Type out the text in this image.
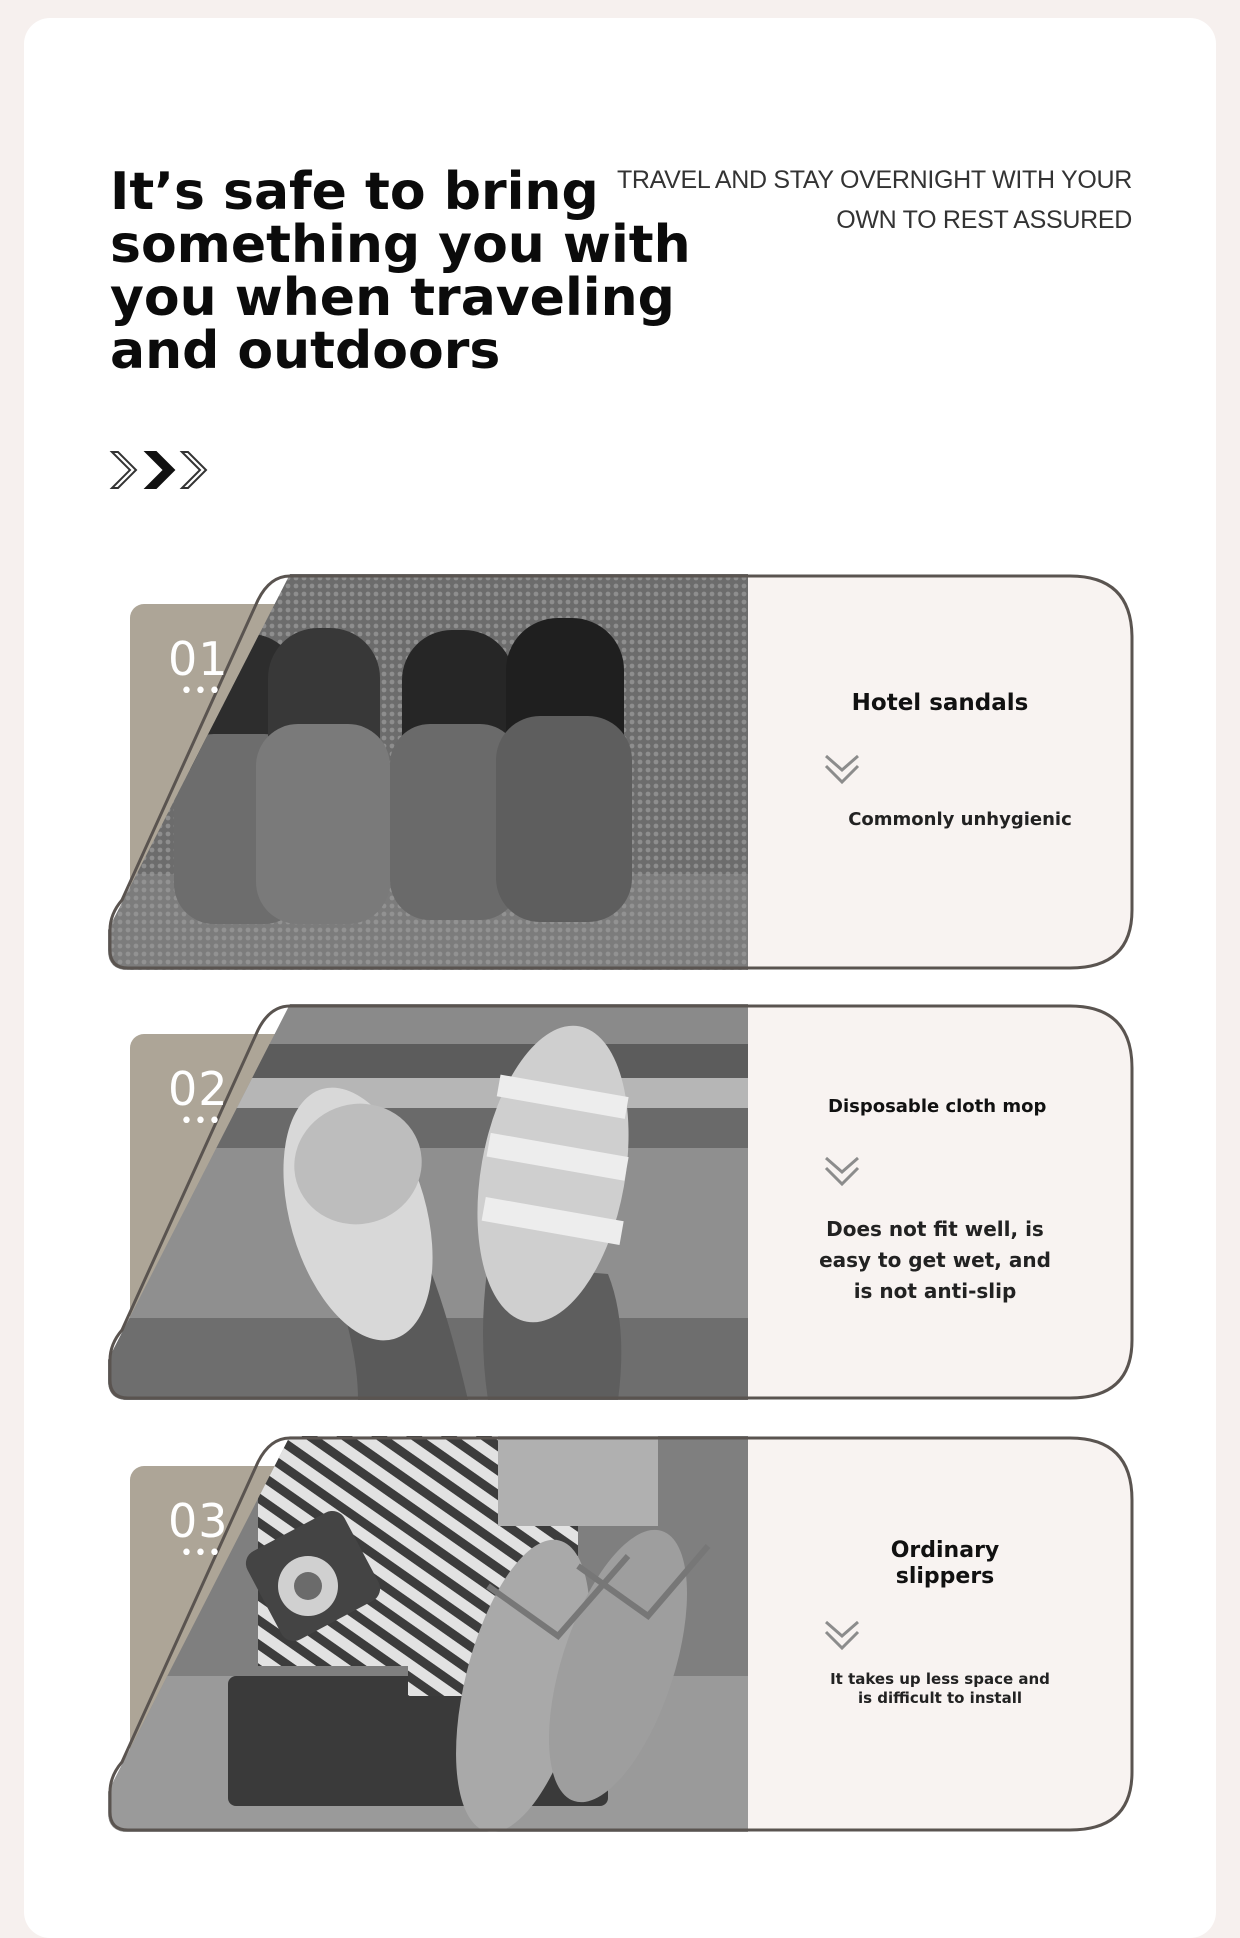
It’s safe to bring something you with you when traveling and outdoors
TRAVEL AND STAY OVERNIGHT WITH YOUR OWN TO REST ASSURED
01
•••	Hotel sandals
Commonly unhygienic
02
•••
Disposable cloth mop
Does not fit well, is easy to get wet, and is not anti-slip
03
•••	Ordinary slippers
It takes up less space and is difficult to install
